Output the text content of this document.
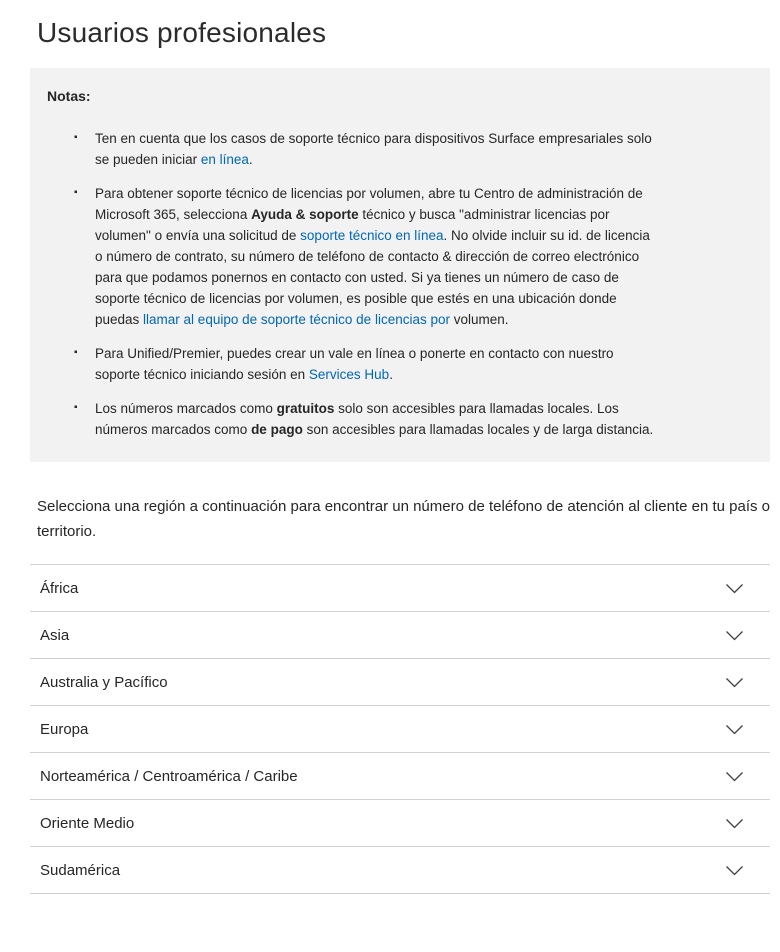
Usuarios profesionales
Notas:
▪ Ten en cuenta que los casos de soporte técnico para dispositivos Surface empresariales solo se pueden iniciar en línea.
▪ Para obtener soporte técnico de licencias por volumen, abre tu Centro de administración de Microsoft 365, selecciona Ayuda & soporte técnico y busca "administrar licencias por volumen" o envía una solicitud de soporte técnico en línea. No olvide incluir su id. de licencia o número de contrato, su número de teléfono de contacto & dirección de correo electrónico para que podamos ponernos en contacto con usted. Si ya tienes un número de caso de soporte técnico de licencias por volumen, es posible que estés en una ubicación donde puedas llamar al equipo de soporte técnico de licencias por volumen.
▪ Para Unified/Premier, puedes crear un vale en línea o ponerte en contacto con nuestro soporte técnico iniciando sesión en Services Hub.
▪ Los números marcados como gratuitos solo son accesibles para llamadas locales. Los números marcados como de pago son accesibles para llamadas locales y de larga distancia.

Selecciona una región a continuación para encontrar un número de teléfono de atención al cliente en tu país o territorio.

África
Asia
Australia y Pacífico
Europa
Norteamérica / Centroamérica / Caribe
Oriente Medio
Sudamérica
